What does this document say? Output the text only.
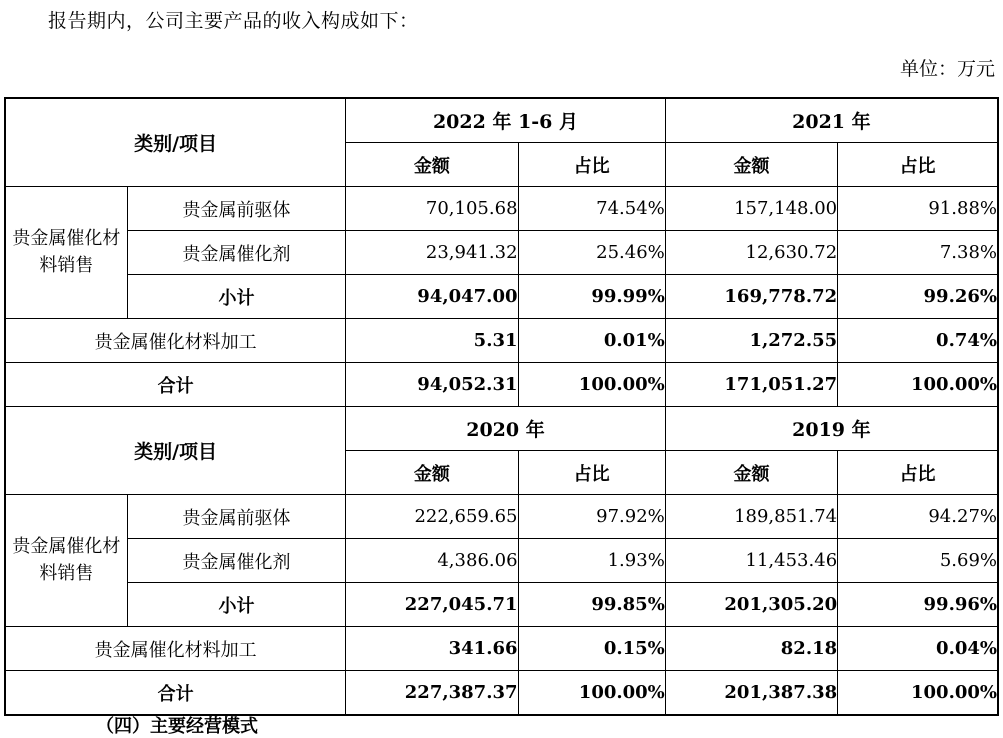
报告期内，公司主要产品的收入构成如下：
单位：万元
类别/项目		2022 年 1-6 月		2021 年	
		金额	占比	金额	占比
贵金属催化材料销售	贵金属前驱体	70,105.68	74.54%	157,148.00	91.88%
	贵金属催化剂	23,941.32	25.46%	12,630.72	7.38%
	小计	94,047.00	99.99%	169,778.72	99.26%
贵金属催化材料加工		5.31	0.01%	1,272.55	0.74%
合计		94,052.31	100.00%	171,051.27	100.00%
类别/项目		2020 年		2019 年	
		金额	占比	金额	占比
贵金属催化材料销售	贵金属前驱体	222,659.65	97.92%	189,851.74	94.27%
	贵金属催化剂	4,386.06	1.93%	11,453.46	5.69%
	小计	227,045.71	99.85%	201,305.20	99.96%
贵金属催化材料加工		341.66	0.15%	82.18	0.04%
合计		227,387.37	100.00%	201,387.38	100.00%
（四）主要经营模式
